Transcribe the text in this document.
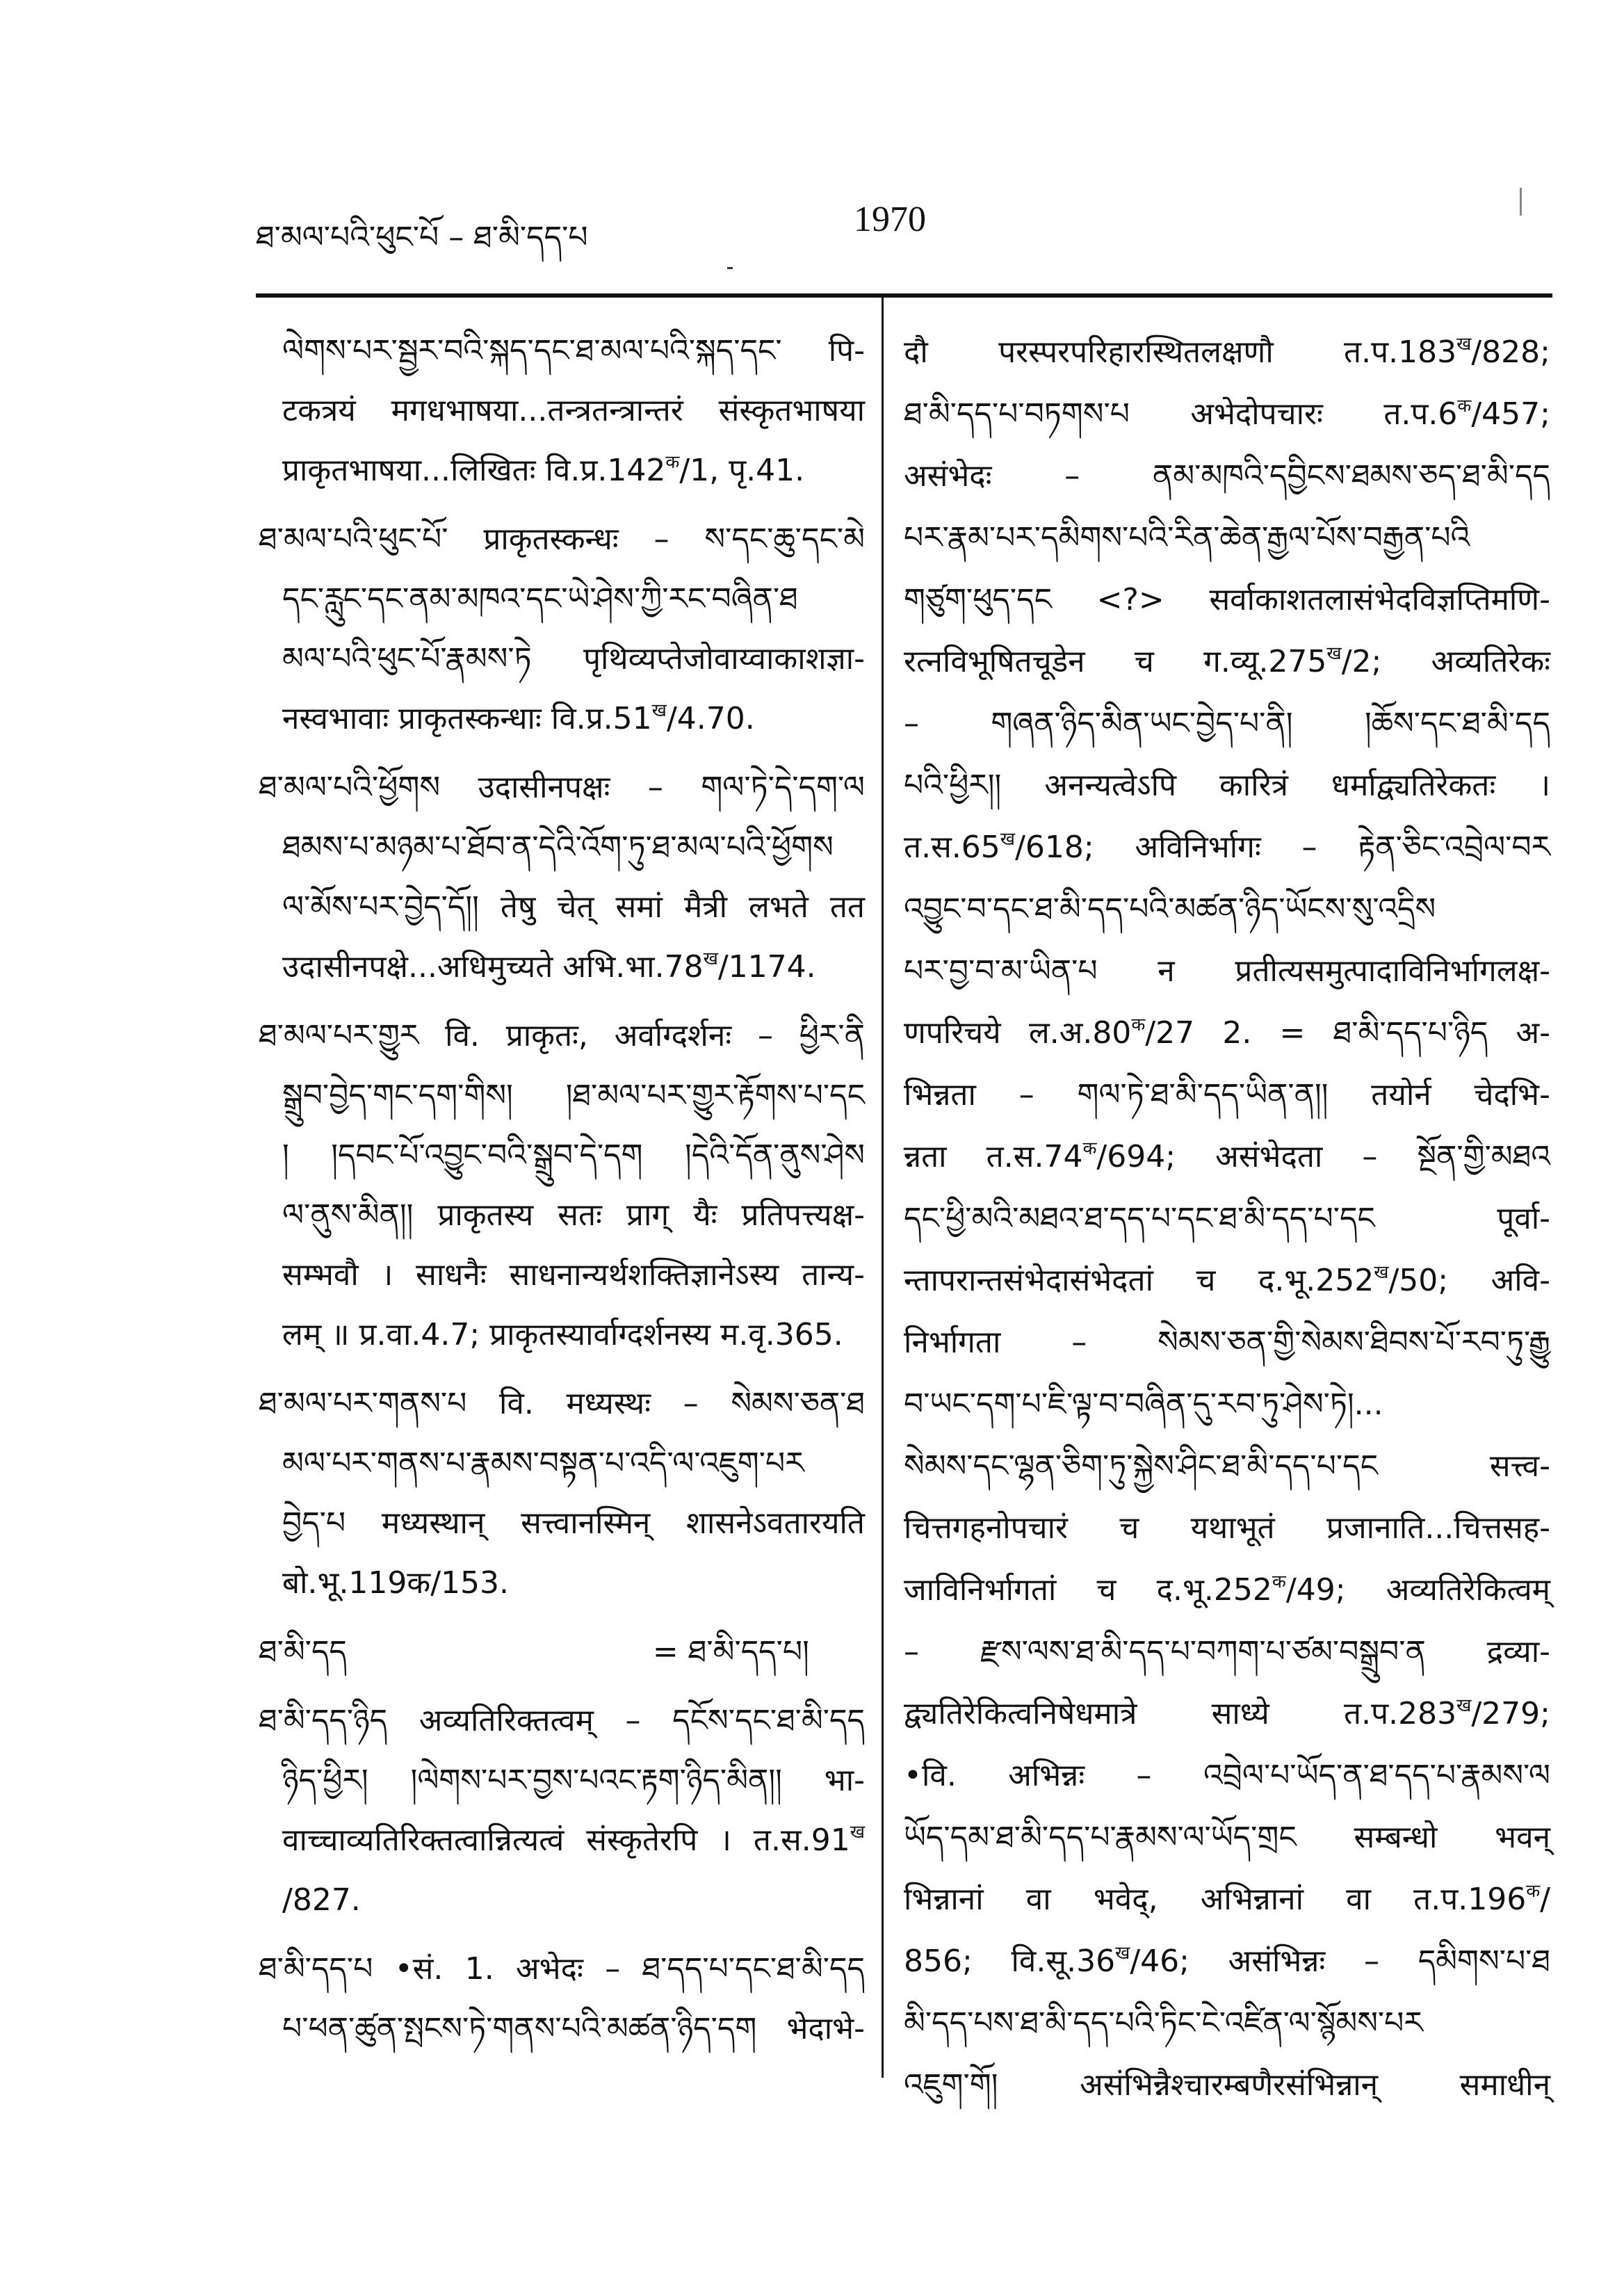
ཐ་མལ་པའི་ཕུང་པོ – ཐ་མི་དད་པ	1970
ལེགས་པར་སྦྱར་བའི་སྐད་དང་ཐ་མལ་པའི་སྐད་དང་ पि-
टकत्रयं मगधभाषया...तन्त्रतन्त्रान्तरं संस्कृतभाषया
प्राकृतभाषया...लिखितः $वि.प्र.142^क/1$, पृ.41.
ཐ་མལ་པའི་ཕུང་པོ་ प्राकृतस्कन्धः – ས་དང་ཆུ་དང་མེ
དང་རླུང་དང་ནམ་མཁའ་དང་ཡེ་ཤེས་ཀྱི་རང་བཞིན་ཐ
མལ་པའི་ཕུང་པོ་རྣམས་ཏེ पृथिव्यप्तेजोवाय्वाकाशज्ञा-
नस्वभावाः प्राकृतस्कन्धाः $वि.प्र.51^ख/4.70$.
ཐ་མལ་པའི་ཕྱོགས उदासीनपक्षः – གལ་ཏེ་དེ་དག་ལ
ཐམས་པ་མཉམ་པ་ཐོབ་ན་དེའི་འོག་ཏུ་ཐ་མལ་པའི་ཕྱོགས
ལ་མོས་པར་བྱེད་དོ།། तेषु चेत् समां मैत्री लभते तत
उदासीनपक्षे...अधिमुच्यते $अभि.भा.78^ख/1174$.
ཐ་མལ་པར་གྱུར वि. प्राकृतः, अर्वाग्दर्शनः – ཕྱིར་ནི
སྒྲུབ་བྱེད་གང་དག་གིས། །ཐ་མལ་པར་གྱུར་རྟོགས་པ་དང
། །དབང་པོ་འབྱུང་བའི་སྒྲུབ་དེ་དག །དེའི་དོན་ནུས་ཤེས
ལ་ནུས་མིན།། प्राकृतस्य सतः प्राग् यैः प्रतिपत्त्यक्ष-
सम्भवौ । साधनैः साधनान्यर्थशक्तिज्ञानेऽस्य तान्य-
लम् ॥ प्र.वा.4.7; प्राकृतस्यार्वाग्दर्शनस्य म.वृ.365.
ཐ་མལ་པར་གནས་པ वि. मध्यस्थः – སེམས་ཅན་ཐ
མལ་པར་གནས་པ་རྣམས་བསྟན་པ་འདི་ལ་འཇུག་པར
བྱེད་པ मध्यस्थान् सत्त्वानस्मिन् शासनेऽवतारयति
बो.भू.119क/153.
ཐ་མི་དད	= ཐ་མི་དད་པ།
ཐ་མི་དད་ཉིད अव्यतिरिक्तत्वम् – དངོས་དང་ཐ་མི་དད
ཉིད་ཕྱིར། །ལེགས་པར་བྱས་པའང་རྟག་ཉིད་མིན།། भा-
वाच्चाव्यतिरिक्तत्वान्नित्यत्वं संस्कृतेरपि । $त.स.91^ख$
/827.
ཐ་མི་དད་པ •सं. 1. अभेदः – ཐ་དད་པ་དང་ཐ་མི་དད
པ་ཕན་ཚུན་སྤངས་ཏེ་གནས་པའི་མཚན་ཉིད་དག भेदाभे-
दौ परस्परपरिहारस्थितलक्षणौ $त.प.183^ख/828$;
ཐ་མི་དད་པ་བཏགས་པ अभेदोपचारः $त.प.6^क/457$;
असंभेदः – ནམ་མཁའི་དབྱིངས་ཐམས་ཅད་ཐ་མི་དད
པར་རྣམ་པར་དམིགས་པའི་རིན་ཆེན་རྒྱལ་པོས་བརྒྱན་པའི
གཙུག་ཕུད་དང <?> सर्वाकाशतलासंभेदविज्ञप्तिमणि-
रत्नविभूषितचूडेन च $ग.व्यू.275^ख/2$; अव्यतिरेकः
– གཞན་ཉིད་མིན་ཡང་བྱེད་པ་ནི། །ཆོས་དང་ཐ་མི་དད
པའི་ཕྱིར།། अनन्यत्वेऽपि कारित्रं धर्माद्व्यतिरेकतः ।
$त.स.65^ख/618$; अविनिर्भागः – རྟེན་ཅིང་འབྲེལ་བར
འབྱུང་བ་དང་ཐ་མི་དད་པའི་མཚན་ཉིད་ཡོངས་སུ་འདྲིས
པར་བྱ་བ་མ་ཡིན་པ न प्रतीत्यसमुत्पादाविनिर्भागलक्ष-
णपरिचये $ल.अ.80^क/27$ 2. = ཐ་མི་དད་པ་ཉིད अ-
भिन्नता – གལ་ཏེ་ཐ་མི་དད་ཡིན་ན།། तयोर्न चेदभि-
न्नता $त.स.74^क/694$; असंभेदता – སྔོན་གྱི་མཐའ
དང་ཕྱི་མའི་མཐའ་ཐ་དད་པ་དང་ཐ་མི་དད་པ་དང पूर्वा-
न्तापरान्तसंभेदासंभेदतां च $द.भू.252^ख/50$; अवि-
निर्भागता – སེམས་ཅན་གྱི་སེམས་ཐིབས་པོ་རབ་ཏུ་རྒྱུ
བ་ཡང་དག་པ་ཇི་ལྟ་བ་བཞིན་དུ་རབ་ཏུ་ཤེས་ཏེ།...
སེམས་དང་ལྷན་ཅིག་ཏུ་སྐྱེས་ཤིང་ཐ་མི་དད་པ་དང सत्त्व-
चित्तगहनोपचारं च यथाभूतं प्रजानाति...चित्तसह-
जाविनिर्भागतां च $द.भू.252^क/49$; अव्यतिरेकित्वम्
– རྫས་ལས་ཐ་མི་དད་པ་བཀག་པ་ཙམ་བསྒྲུབ་ན द्रव्या-
द्व्यतिरेकित्वनिषेधमात्रे साध्ये $त.प.283^ख/279$;
•वि. अभिन्नः – འབྲེལ་པ་ཡོད་ན་ཐ་དད་པ་རྣམས་ལ
ཡོད་དམ་ཐ་མི་དད་པ་རྣམས་ལ་ཡོད་གྲང सम्बन्धो भवन्
भिन्नानां वा भवेद्, अभिन्नानां वा $त.प.196^क/$
856; $वि.सू.36^ख/46$; असंभिन्नः – དམིགས་པ་ཐ
མི་དད་པས་ཐ་མི་དད་པའི་ཏིང་ངེ་འཛིན་ལ་སྙོམས་པར
འཇུག་གོ། असंभिन्नैश्चारम्बणैरसंभिन्नान् समाधीन्
